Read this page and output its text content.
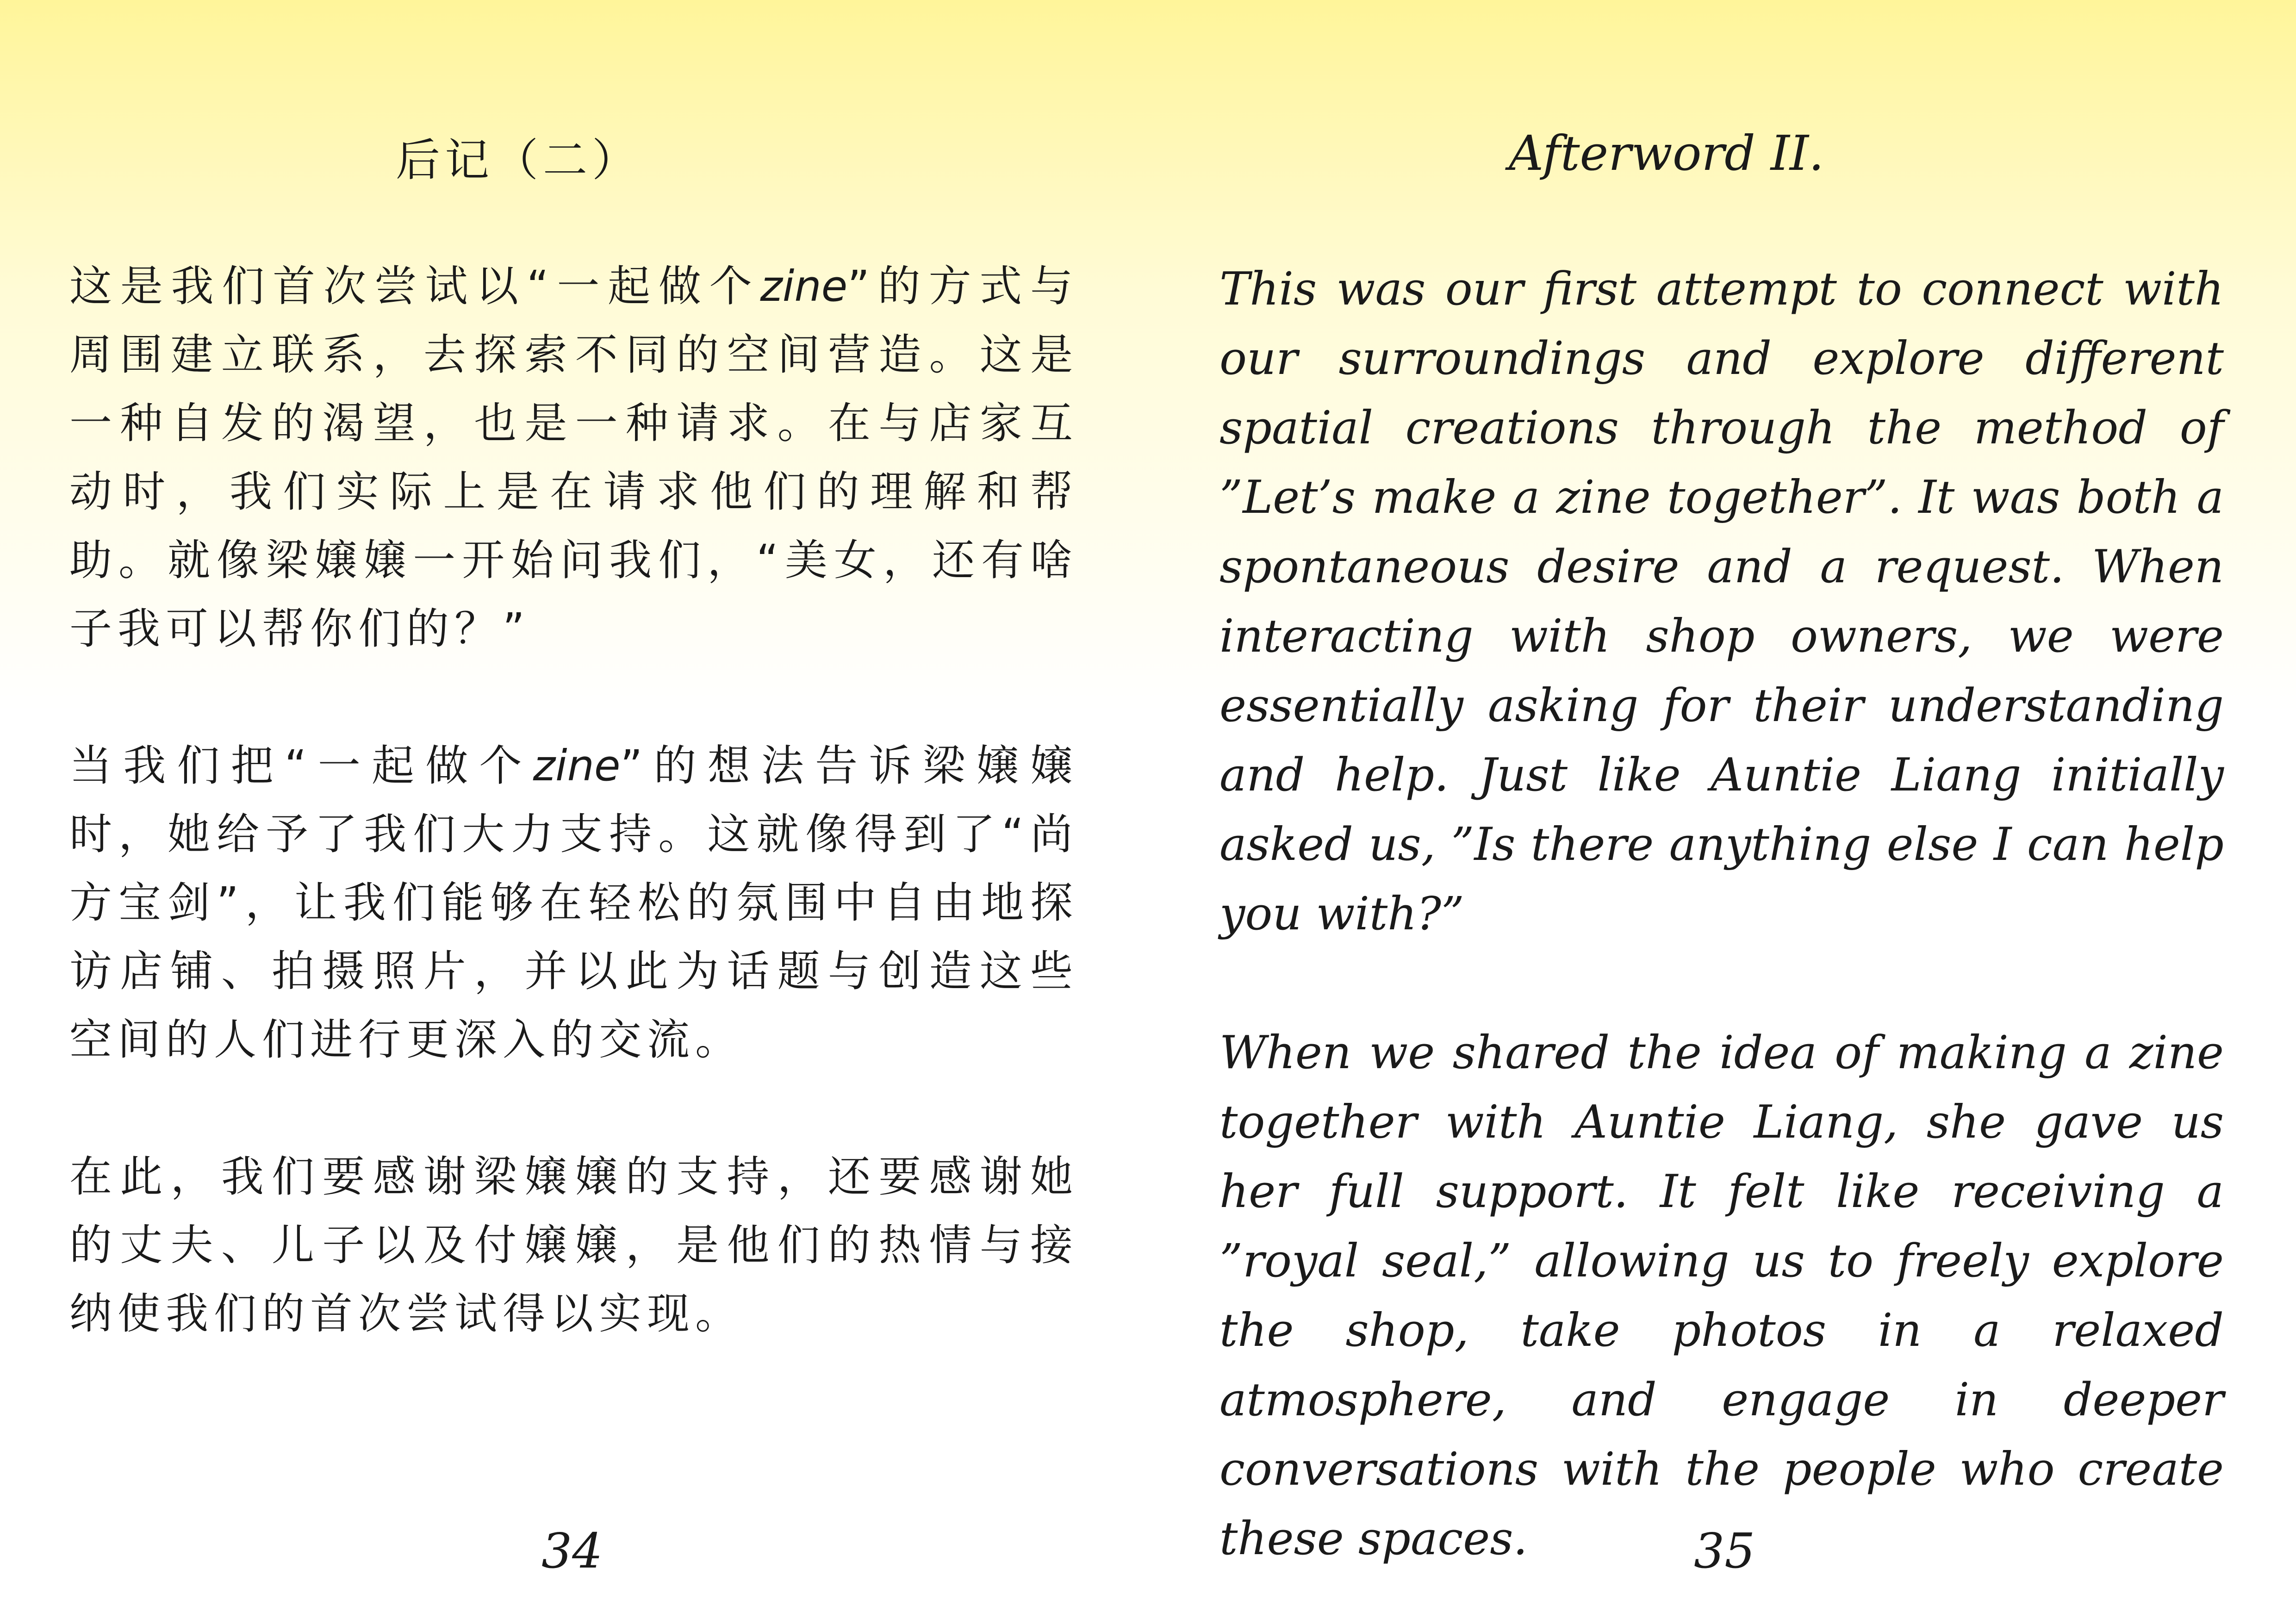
后记（二）

这是我们首次尝试以“一起做个zine”的方式与周围建立联系，去探索不同的空间营造。这是一种自发的渴望，也是一种请求。在与店家互动时，我们实际上是在请求他们的理解和帮助。就像梁嬢嬢一开始问我们，“美女，还有啥子我可以帮你们的？”

当我们把“一起做个zine”的想法告诉梁嬢嬢时，她给予了我们大力支持。这就像得到了“尚方宝剑”，让我们能够在轻松的氛围中自由地探访店铺、拍摄照片，并以此为话题与创造这些空间的人们进行更深入的交流。

在此，我们要感谢梁嬢嬢的支持，还要感谢她的丈夫、儿子以及付嬢嬢，是他们的热情与接纳使我们的首次尝试得以实现。

34
Afterword II.

This was our first attempt to connect with our surroundings and explore different spatial creations through the method of ”Let’s make a zine together”. It was both a spontaneous desire and a request. When interacting with shop owners, we were essentially asking for their understanding and help. Just like Auntie Liang initially asked us, ”Is there anything else I can help you with?”

When we shared the idea of making a zine together with Auntie Liang, she gave us her full support. It felt like receiving a ”royal seal,” allowing us to freely explore the shop, take photos in a relaxed atmosphere, and engage in deeper conversations with the people who create these spaces.	35
